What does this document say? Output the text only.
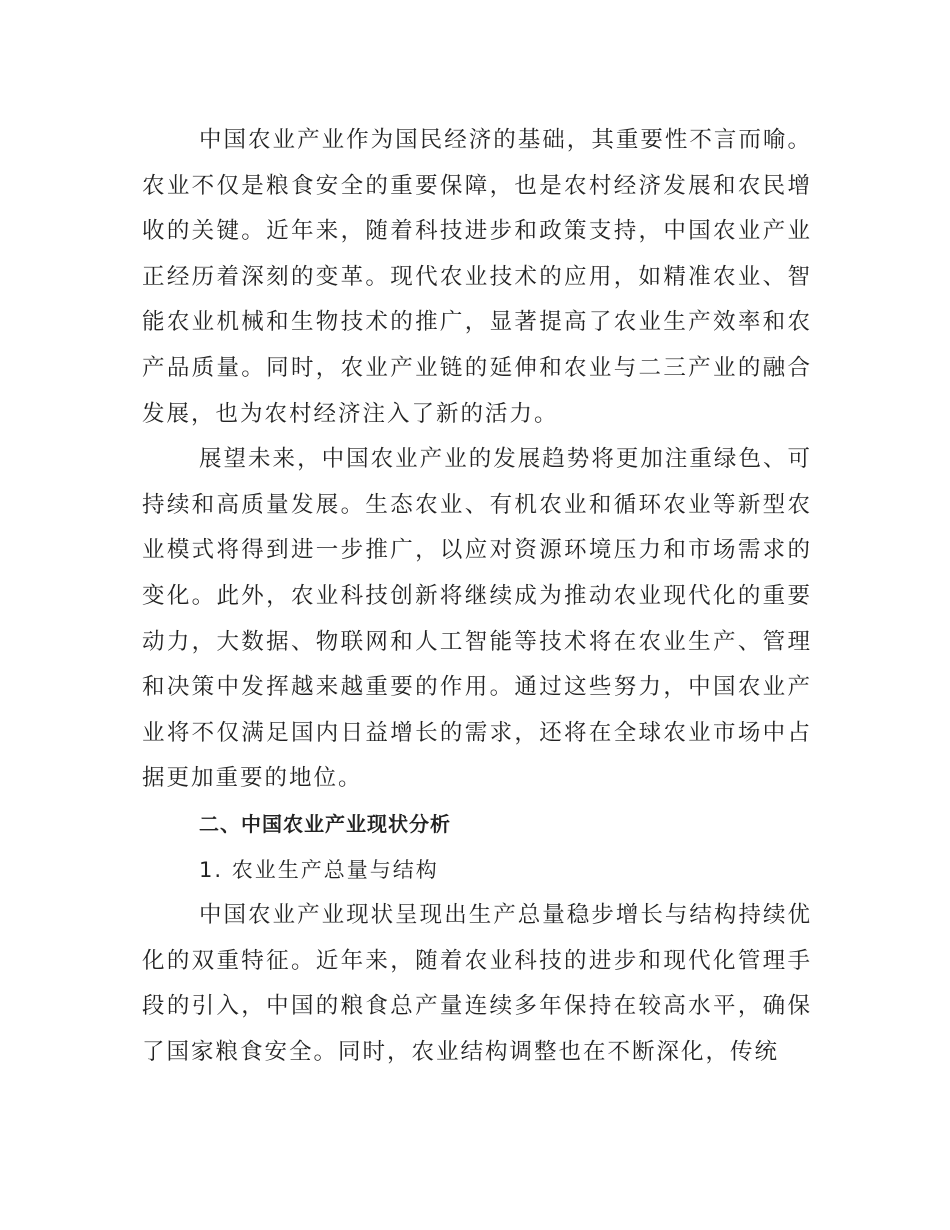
中国农业产业作为国民经济的基础，其重要性不言而喻。农业不仅是粮食安全的重要保障，也是农村经济发展和农民增收的关键。近年来，随着科技进步和政策支持，中国农业产业正经历着深刻的变革。现代农业技术的应用，如精准农业、智能农业机械和生物技术的推广，显著提高了农业生产效率和农产品质量。同时，农业产业链的延伸和农业与二三产业的融合发展，也为农村经济注入了新的活力。

展望未来，中国农业产业的发展趋势将更加注重绿色、可持续和高质量发展。生态农业、有机农业和循环农业等新型农业模式将得到进一步推广，以应对资源环境压力和市场需求的变化。此外，农业科技创新将继续成为推动农业现代化的重要动力，大数据、物联网和人工智能等技术将在农业生产、管理和决策中发挥越来越重要的作用。通过这些努力，中国农业产业将不仅满足国内日益增长的需求，还将在全球农业市场中占据更加重要的地位。

二、中国农业产业现状分析

1. 农业生产总量与结构

中国农业产业现状呈现出生产总量稳步增长与结构持续优化的双重特征。近年来，随着农业科技的进步和现代化管理手段的引入，中国的粮食总产量连续多年保持在较高水平，确保了国家粮食安全。同时，农业结构调整也在不断深化，传统
